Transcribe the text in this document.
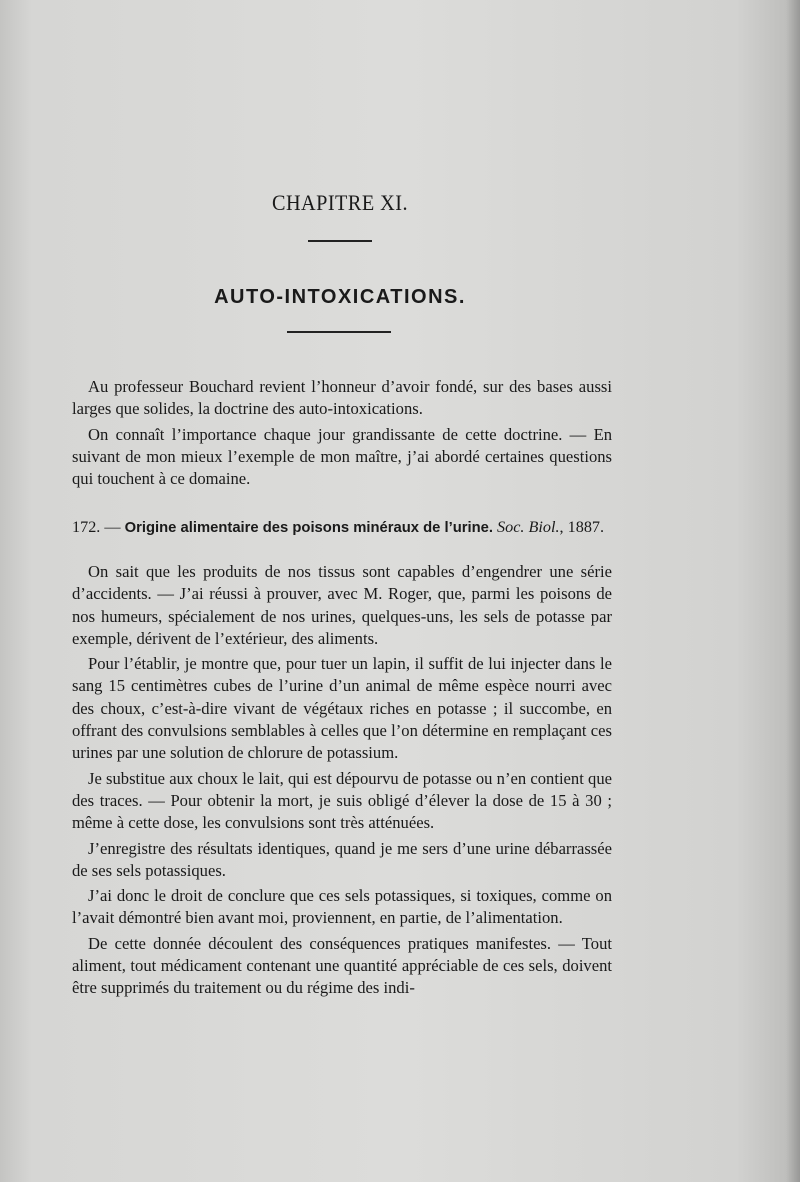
CHAPITRE XI.
AUTO-INTOXICATIONS.

Au professeur Bouchard revient l’honneur d’avoir fondé, sur des bases aussi larges que solides, la doctrine des auto-intoxications.

On connaît l’importance chaque jour grandissante de cette doctrine. — En suivant de mon mieux l’exemple de mon maître, j’ai abordé certaines questions qui touchent à ce domaine.

172. — Origine alimentaire des poisons minéraux de l’urine. Soc. Biol., 1887.

On sait que les produits de nos tissus sont capables d’engendrer une série d’accidents. — J’ai réussi à prouver, avec M. Roger, que, parmi les poisons de nos humeurs, spécialement de nos urines, quelques-uns, les sels de potasse par exemple, dérivent de l’extérieur, des aliments.

Pour l’établir, je montre que, pour tuer un lapin, il suffit de lui injecter dans le sang 15 centimètres cubes de l’urine d’un animal de même espèce nourri avec des choux, c’est-à-dire vivant de végétaux riches en potasse ; il succombe, en offrant des convulsions semblables à celles que l’on détermine en remplaçant ces urines par une solution de chlorure de potassium.

Je substitue aux choux le lait, qui est dépourvu de potasse ou n’en contient que des traces. — Pour obtenir la mort, je suis obligé d’élever la dose de 15 à 30 ; même à cette dose, les convulsions sont très atténuées.

J’enregistre des résultats identiques, quand je me sers d’une urine débarrassée de ses sels potassiques.

J’ai donc le droit de conclure que ces sels potassiques, si toxiques, comme on l’avait démontré bien avant moi, proviennent, en partie, de l’alimentation.

De cette donnée découlent des conséquences pratiques manifestes. — Tout aliment, tout médicament contenant une quantité appréciable de ces sels, doivent être supprimés du traitement ou du régime des indi-
